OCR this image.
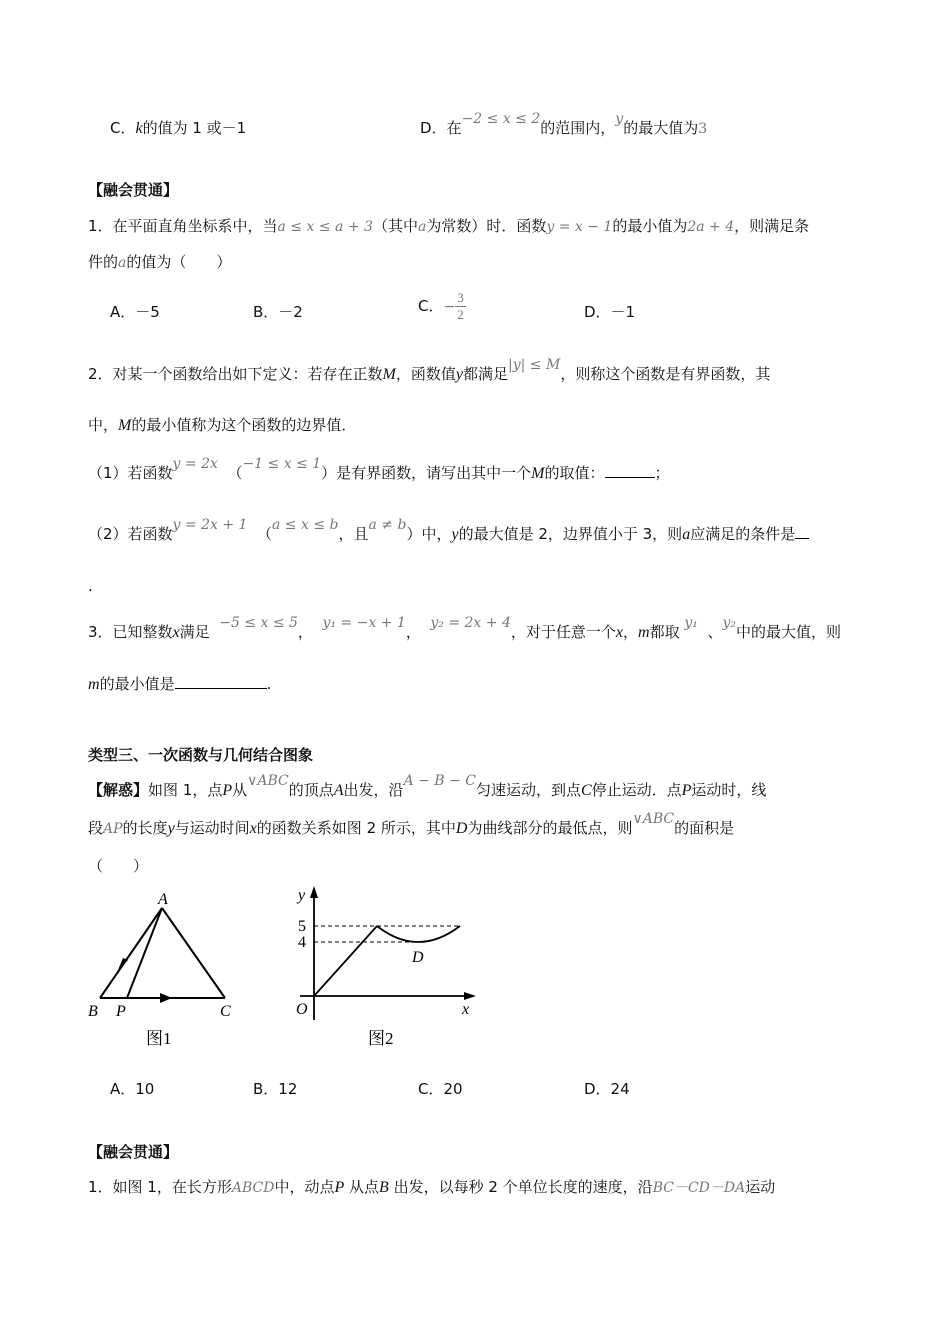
C．k的值为 1 或－1	D．在−2 ≤ x ≤ 2的范围内，y的最大值为3
【融会贯通】
1．在平面直角坐标系中，当a ≤ x ≤ a + 3（其中a为常数）时．函数y = x − 1的最小值为2a + 4，则满足条
件的a的值为（　　）
A．－5	B．－2	C．− $\frac{3}{2}$	D．－1
2．对某一个函数给出如下定义：若存在正数M，函数值y都满足|y| ≤ M，则称这个函数是有界函数，其
中，M的最小值称为这个函数的边界值．
（1）若函数y = 2x （−1 ≤ x ≤ 1）是有界函数，请写出其中一个M的取值：	；
（2）若函数y = 2x + 1 （a ≤ x ≤ b，且a ≠ b）中，y的最大值是 2，边界值小于 3，则a应满足的条件是
.
3．已知整数x满足 −5 ≤ x ≤ 5， y₁ = −x + 1， y₂ = 2x + 4，对于任意一个x，m都取 y₁ 、y₂中的最大值，则
m的最小值是	.
类型三、一次函数与几何结合图象
【解惑】如图 1，点P从∨ABC的顶点A出发，沿A − B − C匀速运动，到点C停止运动．点P运动时，线
段AP的长度y与运动时间x的函数关系如图 2 所示，其中D为曲线部分的最低点，则∨ABC的面积是
（　　）
A
B P	C
图1
y
x
O
5
4
D
图2
A．10	B．12	C．20	D．24
【融会贯通】
1．如图 1，在长方形ABCD中，动点P 从点B 出发，以每秒 2 个单位长度的速度，沿BC－CD－DA运动
